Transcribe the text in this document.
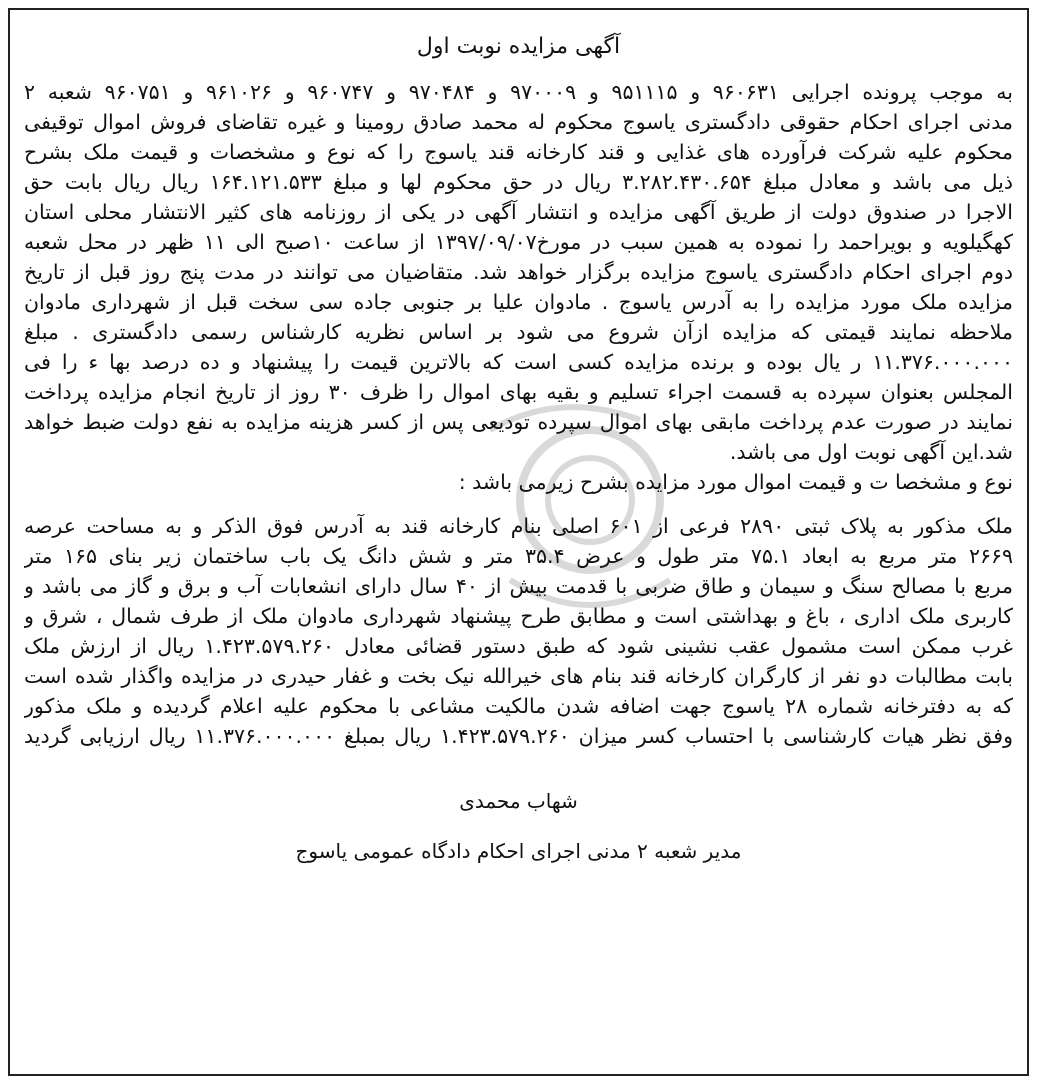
آگهی مزایده نوبت اول
به موجب پرونده اجرایی ۹۶۰۶۳۱ و ۹۵۱۱۱۵ و ۹۷۰۰۰۹ و ۹۷۰۴۸۴ و ۹۶۰۷۴۷ و ۹۶۱۰۲۶ و ۹۶۰۷۵۱ شعبه ۲
مدنی اجرای احکام حقوقی دادگستری یاسوج محکوم له محمد صادق رومینا و غیره تقاضای فروش اموال توقیفی
محکوم علیه شرکت فرآورده های غذایی و قند کارخانه قند یاسوج را که نوع و مشخصات و قیمت ملک بشرح
ذیل می باشد و معادل مبلغ ۳.۲۸۲.۴۳۰.۶۵۴ ریال در حق محکوم لها و مبلغ ۱۶۴.۱۲۱.۵۳۳ ریال ریال بابت حق
الاجرا در صندوق دولت از طریق آگهی مزایده و انتشار آگهی در یکی از روزنامه های کثیر الانتشار محلی استان
کهگیلویه و بویراحمد را نموده به همین سبب در مورخ۱۳۹۷/۰۹/۰۷ از ساعت ۱۰صبح الی ۱۱ ظهر در محل شعبه
دوم اجرای احکام دادگستری یاسوج مزایده برگزار خواهد شد. متقاضیان می توانند در مدت پنج روز قبل از تاریخ
مزایده ملک مورد مزایده را به آدرس یاسوج . مادوان علیا بر جنوبی جاده سی سخت قبل از شهرداری مادوان
ملاحظه نمایند قیمتی که مزایده ازآن شروع می شود بر اساس نظریه کارشناس رسمی دادگستری . مبلغ
۱۱.۳۷۶.۰۰۰.۰۰۰ ر یال بوده و برنده مزایده کسی است که بالاترین قیمت را پیشنهاد و ده درصد بها ء را فی
المجلس بعنوان سپرده به قسمت اجراء تسلیم و بقیه بهای اموال را ظرف ۳۰ روز از تاریخ انجام مزایده پرداخت
نمایند در صورت عدم پرداخت مابقی بهای اموال سپرده تودیعی پس از کسر هزینه مزایده به نفع دولت ضبط خواهد
شد.این آگهی نوبت اول می باشد.
نوع و مشخصا ت و قیمت اموال مورد مزایده بشرح زیرمی باشد :
ملک مذکور به پلاک ثبتی ۲۸۹۰ فرعی از ۶۰۱ اصلی بنام کارخانه قند به آدرس فوق الذکر و به مساحت عرصه
۲۶۶۹ متر مربع به ابعاد ۷۵.۱ متر طول و عرض ۳۵.۴ متر و شش دانگ یک باب ساختمان زیر بنای ۱۶۵ متر
مربع با مصالح سنگ و سیمان و طاق ضربی با قدمت بیش از ۴۰ سال دارای انشعابات آب و برق و گاز می باشد و
کاربری ملک اداری ، باغ و بهداشتی است و مطابق طرح پیشنهاد شهرداری مادوان ملک از طرف شمال ، شرق و
غرب ممکن است مشمول عقب نشینی شود که طبق دستور قضائی معادل ۱.۴۲۳.۵۷۹.۲۶۰ ریال از ارزش ملک
بابت مطالبات دو نفر از کارگران کارخانه قند بنام های خیرالله نیک بخت و غفار حیدری در مزایده واگذار شده است
که به دفترخانه شماره ۲۸ یاسوج جهت اضافه شدن مالکیت مشاعی با محکوم علیه اعلام گردیده و ملک مذکور
وفق نظر هیات کارشناسی با احتساب کسر میزان ۱.۴۲۳.۵۷۹.۲۶۰ ریال بمبلغ ۱۱.۳۷۶.۰۰۰.۰۰۰ ریال ارزیابی گردید
شهاب محمدی
مدیر شعبه ۲ مدنی اجرای احکام دادگاه عمومی یاسوج
